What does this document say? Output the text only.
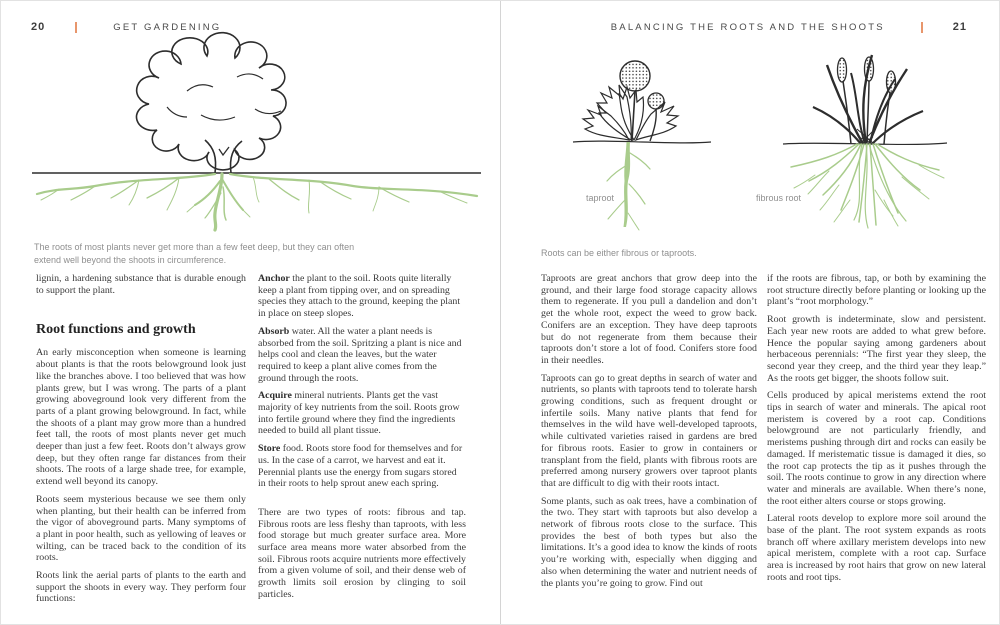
20	GET GARDENING
The roots of most plants never get more than a few feet deep, but they can often extend well beyond the shoots in circumference.

lignin, a hardening substance that is durable enough to support the plant.

Root functions and growth

An early misconception when someone is learning about plants is that the roots belowground look just like the branches above. I too believed that was how plants grew, but I was wrong. The parts of a plant growing aboveground look very different from the parts of a plant growing belowground. In fact, while the shoots of a plant may grow more than a hundred feet tall, the roots of most plants never get much deeper than just a few feet. Roots don’t always grow deep, but they often range far distances from their shoots. The roots of a large shade tree, for example, extend well beyond its canopy.

Roots seem mysterious because we see them only when planting, but their health can be inferred from the vigor of aboveground parts. Many symptoms of a plant in poor health, such as yellowing of leaves or wilting, can be traced back to the condition of its roots.

Roots link the aerial parts of plants to the earth and support the shoots in every way. They perform four functions:

Anchor the plant to the soil. Roots quite literally keep a plant from tipping over, and on spreading species they attach to the ground, keeping the plant in place on steep slopes.

Absorb water. All the water a plant needs is absorbed from the soil. Spritzing a plant is nice and helps cool and clean the leaves, but the water required to keep a plant alive comes from the ground through the roots.

Acquire mineral nutrients. Plants get the vast majority of key nutrients from the soil. Roots grow into fertile ground where they find the ingredients needed to build all plant tissue.

Store food. Roots store food for themselves and for us. In the case of a carrot, we harvest and eat it. Perennial plants use the energy from sugars stored in their roots to help sprout anew each spring.

There are two types of roots: fibrous and tap. Fibrous roots are less fleshy than taproots, with less food storage but much greater surface area. More surface area means more water absorbed from the soil. Fibrous roots acquire nutrients more effectively from a given volume of soil, and their dense web of growth limits soil erosion by clinging to soil particles.

BALANCING THE ROOTS AND THE SHOOTS	21
taproot	fibrous root
Roots can be either fibrous or taproots.

Taproots are great anchors that grow deep into the ground, and their large food storage capacity allows them to regenerate. If you pull a dandelion and don’t get the whole root, expect the weed to grow back. Conifers are an exception. They have deep taproots but do not regenerate from them because their taproots don’t store a lot of food. Conifers store food in their needles.

Taproots can go to great depths in search of water and nutrients, so plants with taproots tend to tolerate harsh growing conditions, such as frequent drought or infertile soils. Many native plants that fend for themselves in the wild have well-developed taproots, while cultivated varieties raised in gardens are bred for fibrous roots. Easier to grow in containers or transplant from the field, plants with fibrous roots are preferred among nursery growers over taproot plants that are difficult to dig with their roots intact.

Some plants, such as oak trees, have a combination of the two. They start with taproots but also develop a network of fibrous roots close to the surface. This provides the best of both types but also the limitations. It’s a good idea to know the kinds of roots you’re working with, especially when digging and also when determining the water and nutrient needs of the plants you’re going to grow. Find out

if the roots are fibrous, tap, or both by examining the root structure directly before planting or looking up the plant’s “root morphology.”

Root growth is indeterminate, slow and persistent. Each year new roots are added to what grew before. Hence the popular saying among gardeners about herbaceous perennials: “The first year they sleep, the second year they creep, and the third year they leap.” As the roots get bigger, the shoots follow suit.

Cells produced by apical meristems extend the root tips in search of water and minerals. The apical root meristem is covered by a root cap. Conditions belowground are not particularly friendly, and meristems pushing through dirt and rocks can easily be damaged. If meristematic tissue is damaged it dies, so the root cap protects the tip as it pushes through the soil. The roots continue to grow in any direction where water and minerals are available. When there’s none, the root either alters course or stops growing.

Lateral roots develop to explore more soil around the base of the plant. The root system expands as roots branch off where axillary meristem develops into new apical meristem, complete with a root cap. Surface area is increased by root hairs that grow on new lateral roots and root tips.
